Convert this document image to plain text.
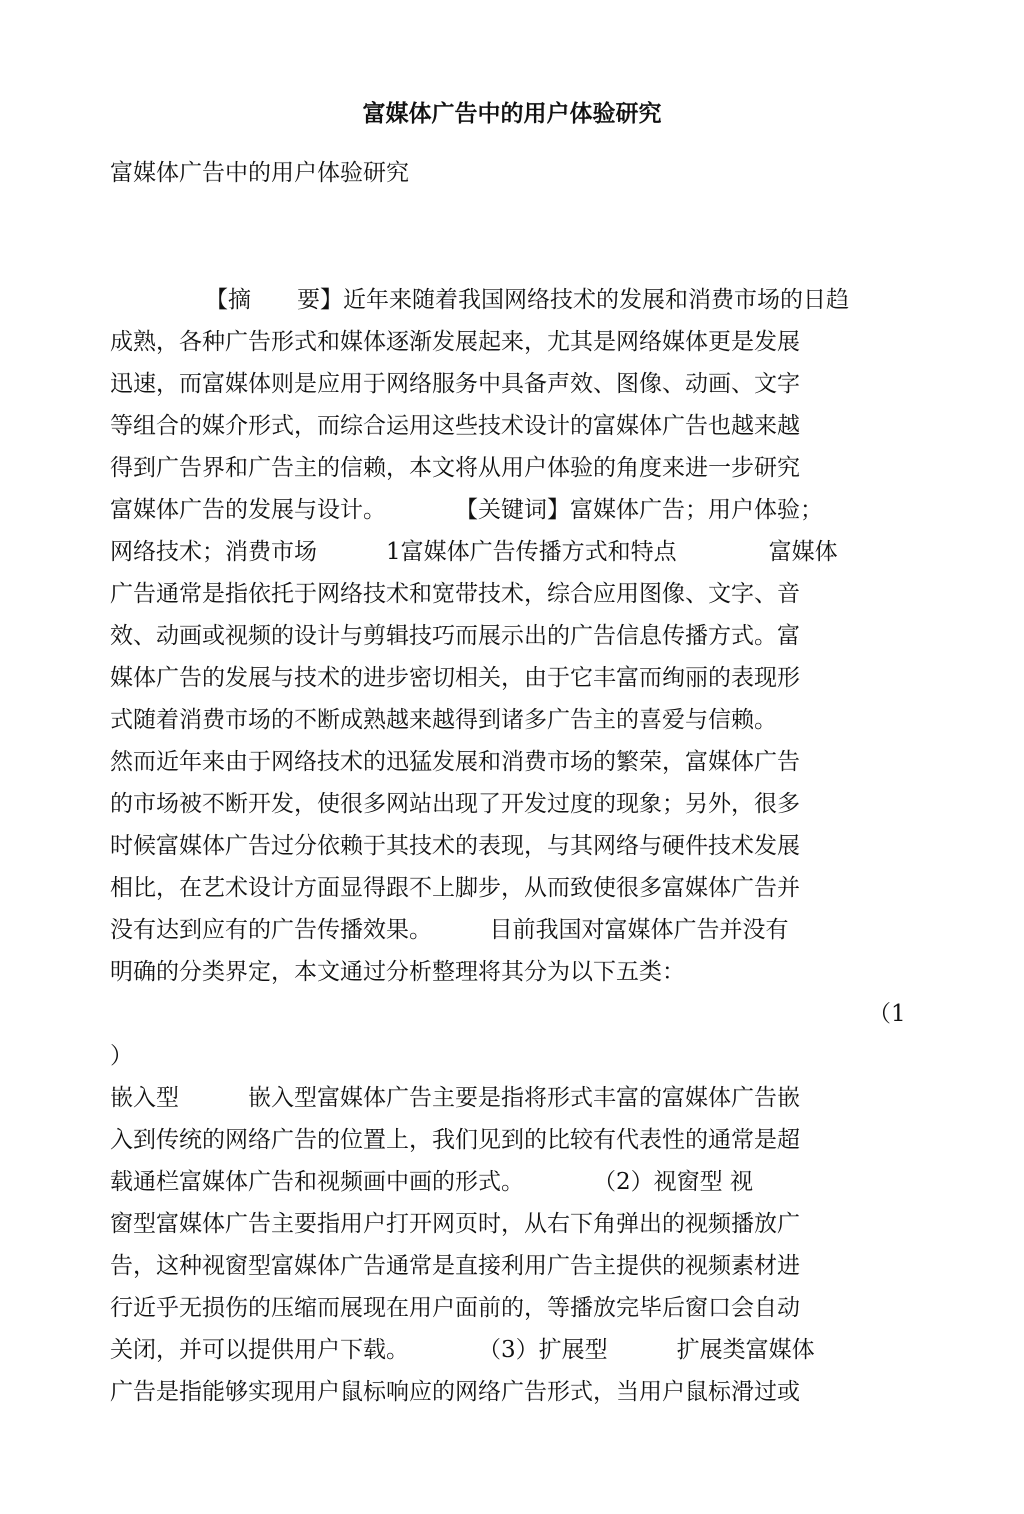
富媒体广告中的用户体验研究
富媒体广告中的用户体验研究
【摘　　要】近年来随着我国网络技术的发展和消费市场的日趋
成熟，各种广告形式和媒体逐渐发展起来，尤其是网络媒体更是发展
迅速，而富媒体则是应用于网络服务中具备声效、图像、动画、文字
等组合的媒介形式，而综合运用这些技术设计的富媒体广告也越来越
得到广告界和广告主的信赖，本文将从用户体验的角度来进一步研究
富媒体广告的发展与设计。　　　　【关键词】富媒体广告；用户体验；
网络技术；消费市场　　　1富媒体广告传播方式和特点　　　　富媒体
广告通常是指依托于网络技术和宽带技术，综合应用图像、文字、音
效、动画或视频的设计与剪辑技巧而展示出的广告信息传播方式。富
媒体广告的发展与技术的进步密切相关，由于它丰富而绚丽的表现形
式随着消费市场的不断成熟越来越得到诸多广告主的喜爱与信赖。
然而近年来由于网络技术的迅猛发展和消费市场的繁荣，富媒体广告
的市场被不断开发，使很多网站出现了开发过度的现象；另外，很多
时候富媒体广告过分依赖于其技术的表现，与其网络与硬件技术发展
相比，在艺术设计方面显得跟不上脚步，从而致使很多富媒体广告并
没有达到应有的广告传播效果。　　　目前我国对富媒体广告并没有
明确的分类界定，本文通过分析整理将其分为以下五类：
（1
）
嵌入型　　　嵌入型富媒体广告主要是指将形式丰富的富媒体广告嵌
入到传统的网络广告的位置上，我们见到的比较有代表性的通常是超
载通栏富媒体广告和视频画中画的形式。　　　　（2）视窗型 视
窗型富媒体广告主要指用户打开网页时，从右下角弹出的视频播放广
告，这种视窗型富媒体广告通常是直接利用广告主提供的视频素材进
行近乎无损伤的压缩而展现在用户面前的，等播放完毕后窗口会自动
关闭，并可以提供用户下载。　　　　（3）扩展型　　　扩展类富媒体
广告是指能够实现用户鼠标响应的网络广告形式，当用户鼠标滑过或
